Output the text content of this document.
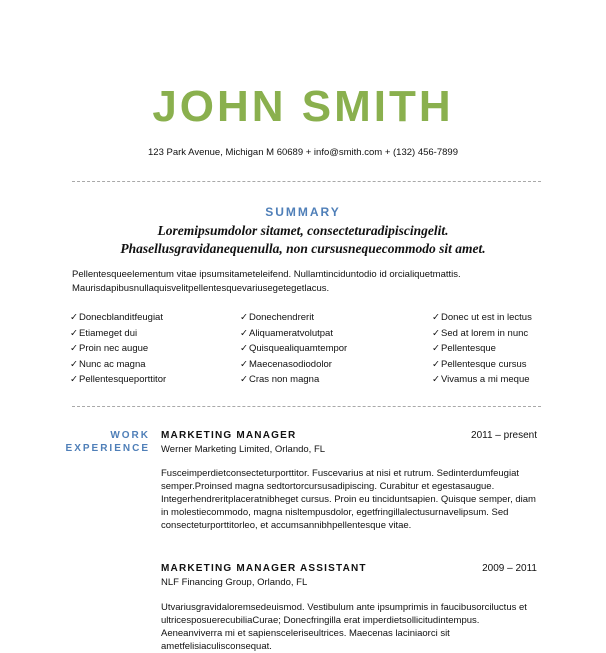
JOHN SMITH
123 Park Avenue, Michigan M 60689 + info@smith.com + (132) 456-7899
SUMMARY
Loremipsumdolor sitamet, consecteturadipiscingelit.
Phasellusgravidanequenulla, non cursusnequecommodo sit amet.
Pellentesqueelementum vitae ipsumsitameteleifend. Nullamtinciduntodio id orcialiquetmattis. Maurisdapibusnullaquisvelitpellentesquevariusegetegetlacus.
✓Donecblanditfeugiat
✓Etiameget dui
✓Proin nec augue
✓Nunc ac magna
✓Pellentesqueporttitor
✓Donechendrerit
✓Aliquameratvolutpat
✓Quisquealiquamtempor
✓Maecenasodiodolor
✓Cras non magna
✓Donec ut est in lectus
✓Sed at lorem in nunc
✓Pellentesque
✓Pellentesque cursus
✓Vivamus a mi meque
WORK
EXPERIENCE
MARKETING MANAGER	2011 – present
Werner Marketing Limited, Orlando, FL
Fusceimperdietconsecteturporttitor. Fuscevarius at nisi et rutrum. Sedinterdumfeugiat semper.Proinsed magna sedtortorcursusadipiscing. Curabitur et egestasaugue. Integerhendreritplaceratnibheget cursus. Proin eu tinciduntsapien. Quisque semper, diam in molestiecommodo, magna nisltempusdolor, egetfringillalectusurnavelipsum. Sed consecteturporttitorleo, et accumsannibhpellentesque vitae.
MARKETING MANAGER ASSISTANT	2009 – 2011
NLF Financing Group, Orlando, FL
Utvariusgravidaloremsedeuismod. Vestibulum ante ipsumprimis in faucibusorciluctus et ultricesposuerecubiliaCurae; Donecfringilla erat imperdietsollicitudintempus. Aeneanviverra mi et sapiensceleriseultrices. Maecenas laciniaorci sit ametfelisiaculisconsequat.
